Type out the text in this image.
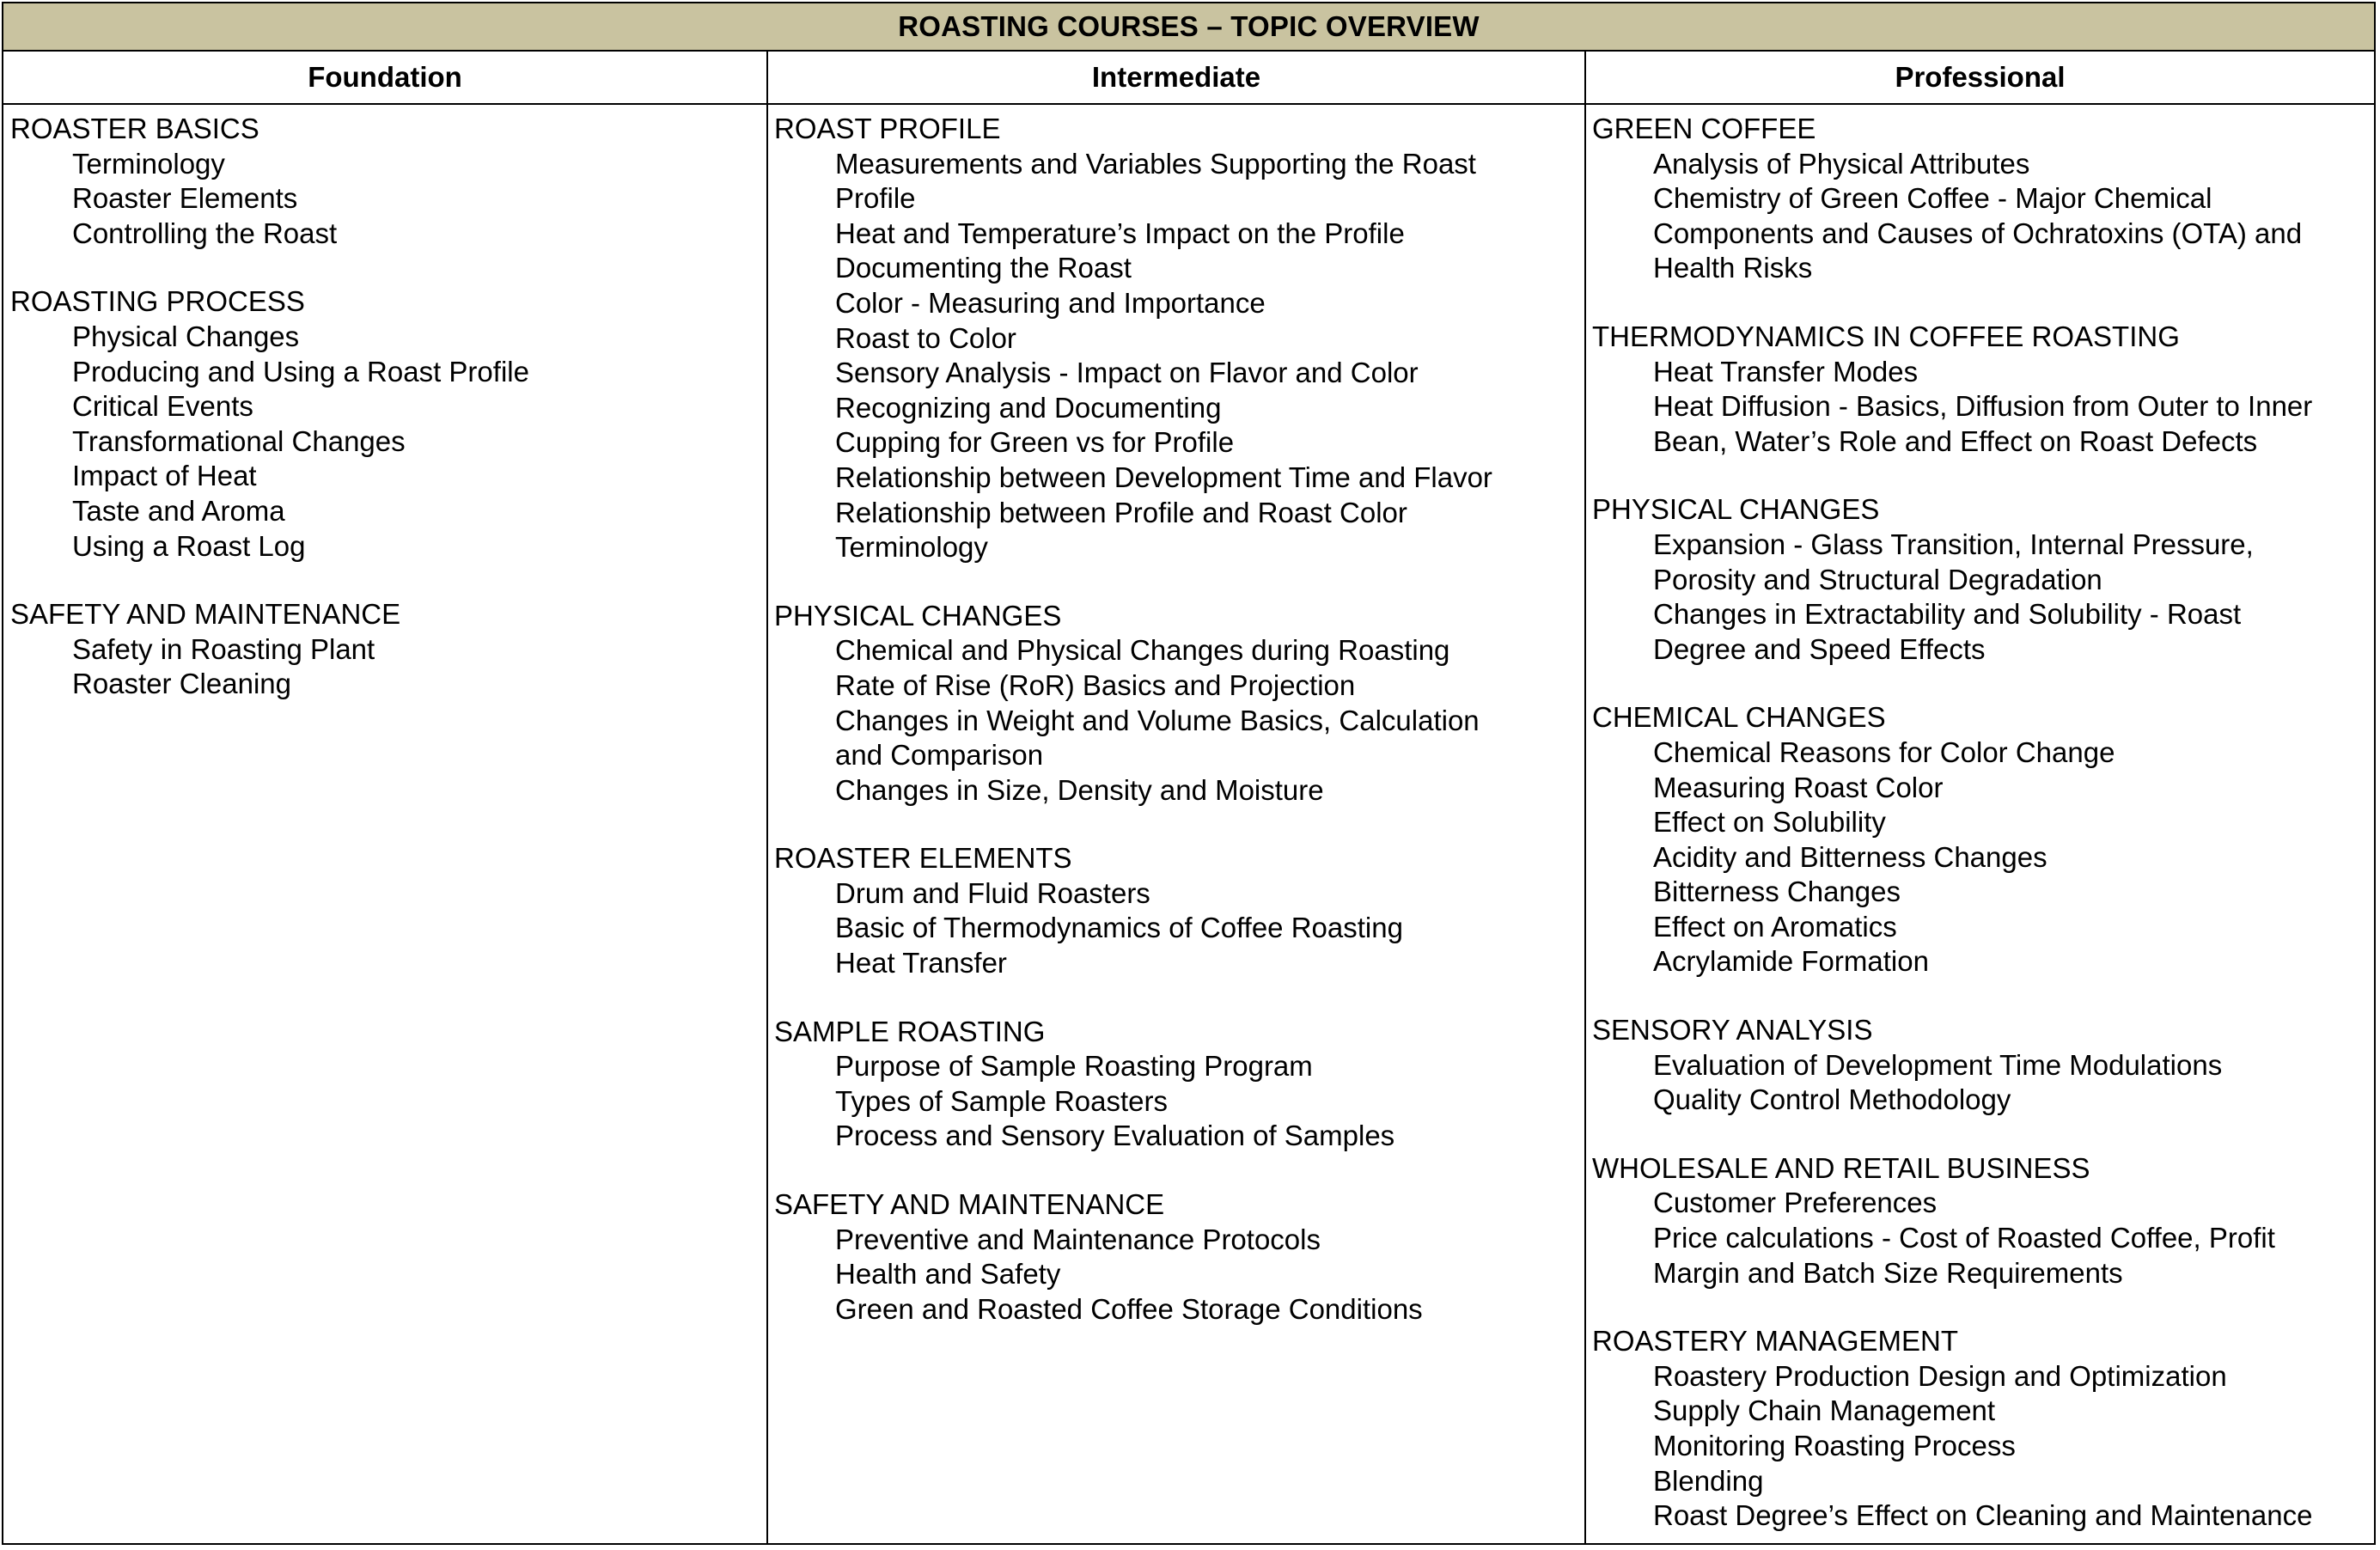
ROASTING COURSES – TOPIC OVERVIEW
Foundation	Intermediate	Professional
ROASTER BASICS
Terminology
Roaster Elements
Controlling the Roast
ROASTING PROCESS
Physical Changes
Producing and Using a Roast Profile
Critical Events
Transformational Changes
Impact of Heat
Taste and Aroma
Using a Roast Log
SAFETY AND MAINTENANCE
Safety in Roasting Plant
Roaster Cleaning
ROAST PROFILE
Measurements and Variables Supporting the Roast
Profile
Heat and Temperature’s Impact on the Profile
Documenting the Roast
Color - Measuring and Importance
Roast to Color
Sensory Analysis - Impact on Flavor and Color
Recognizing and Documenting
Cupping for Green vs for Profile
Relationship between Development Time and Flavor
Relationship between Profile and Roast Color
Terminology
PHYSICAL CHANGES
Chemical and Physical Changes during Roasting
Rate of Rise (RoR) Basics and Projection
Changes in Weight and Volume Basics, Calculation
and Comparison
Changes in Size, Density and Moisture
ROASTER ELEMENTS
Drum and Fluid Roasters
Basic of Thermodynamics of Coffee Roasting
Heat Transfer
SAMPLE ROASTING
Purpose of Sample Roasting Program
Types of Sample Roasters
Process and Sensory Evaluation of Samples
SAFETY AND MAINTENANCE
Preventive and Maintenance Protocols
Health and Safety
Green and Roasted Coffee Storage Conditions
GREEN COFFEE
Analysis of Physical Attributes
Chemistry of Green Coffee - Major Chemical
Components and Causes of Ochratoxins (OTA) and
Health Risks
THERMODYNAMICS IN COFFEE ROASTING
Heat Transfer Modes
Heat Diffusion - Basics, Diffusion from Outer to Inner
Bean, Water’s Role and Effect on Roast Defects
PHYSICAL CHANGES
Expansion - Glass Transition, Internal Pressure,
Porosity and Structural Degradation
Changes in Extractability and Solubility - Roast
Degree and Speed Effects
CHEMICAL CHANGES
Chemical Reasons for Color Change
Measuring Roast Color
Effect on Solubility
Acidity and Bitterness Changes
Bitterness Changes
Effect on Aromatics
Acrylamide Formation
SENSORY ANALYSIS
Evaluation of Development Time Modulations
Quality Control Methodology
WHOLESALE AND RETAIL BUSINESS
Customer Preferences
Price calculations - Cost of Roasted Coffee, Profit
Margin and Batch Size Requirements
ROASTERY MANAGEMENT
Roastery Production Design and Optimization
Supply Chain Management
Monitoring Roasting Process
Blending
Roast Degree’s Effect on Cleaning and Maintenance
